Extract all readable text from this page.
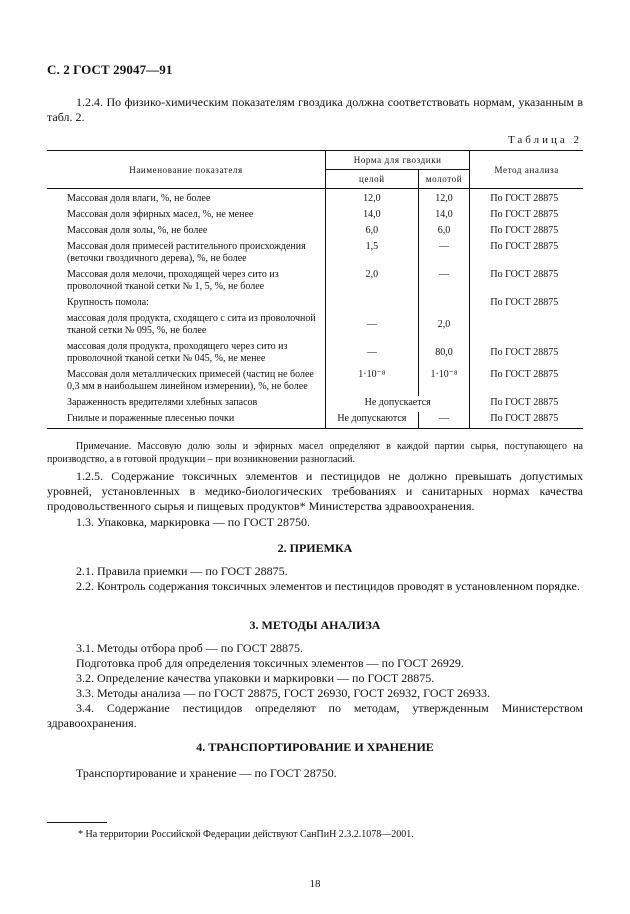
С. 2 ГОСТ 29047—91
1.2.4. По физико-химическим показателям гвоздика должна соответствовать нормам, указанным в табл. 2.
Таблица 2
Наименование показателя	Норма для гвоздики		Метод анализа
	целой	молотой	
Массовая доля влаги, %, не более	12,0	12,0	По ГОСТ 28875
Массовая доля эфирных масел, %, не менее	14,0	14,0	По ГОСТ 28875
Массовая доля золы, %, не более	6,0	6,0	По ГОСТ 28875
Массовая доля примесей растительного происхождения (веточки гвоздичного дерева), %, не более	1,5	—	По ГОСТ 28875
Массовая доля мелочи, проходящей через сито из проволочной тканой сетки № 1, 5, %, не более	2,0	—	По ГОСТ 28875
Крупность помола:			По ГОСТ 28875
массовая доля продукта, сходящего с сита из проволочной тканой сетки № 095, %, не более	—	2,0	
массовая доля продукта, проходящего через сито из проволочной тканой сетки № 045, %, не менее	—	80,0	По ГОСТ 28875
Массовая доля металлических примесей (частиц не более 0,3 мм в наибольшем линейном измерении), %, не более	1·10⁻⁸	1·10⁻⁸	По ГОСТ 28875
Зараженность вредителями хлебных запасов	Не допускается		По ГОСТ 28875
Гнилые и пораженные плесенью почки	Не допускаются	—	По ГОСТ 28875
Примечание. Массовую долю золы и эфирных масел определяют в каждой партии сырья, поступающего на производство, а в готовой продукции – при возникновении разногласий.
1.2.5. Содержание токсичных элементов и пестицидов не должно превышать допустимых уровней, установленных в медико-биологических требованиях и санитарных нормах качества продовольственного сырья и пищевых продуктов* Министерства здравоохранения.
1.3. Упаковка, маркировка — по ГОСТ 28750.
2. ПРИЕМКА
2.1. Правила приемки — по ГОСТ 28875.
2.2. Контроль содержания токсичных элементов и пестицидов проводят в установленном порядке.
3. МЕТОДЫ АНАЛИЗА
3.1. Методы отбора проб — по ГОСТ 28875.
Подготовка проб для определения токсичных элементов — по ГОСТ 26929.
3.2. Определение качества упаковки и маркировки — по ГОСТ 28875.
3.3. Методы анализа — по ГОСТ 28875, ГОСТ 26930, ГОСТ 26932, ГОСТ 26933.
3.4. Содержание пестицидов определяют по методам, утвержденным Министерством здравоохранения.
4. ТРАНСПОРТИРОВАНИЕ И ХРАНЕНИЕ
Транспортирование и хранение — по ГОСТ 28750.
* На территории Российской Федерации действуют СанПиН 2.3.2.1078—2001.
18
